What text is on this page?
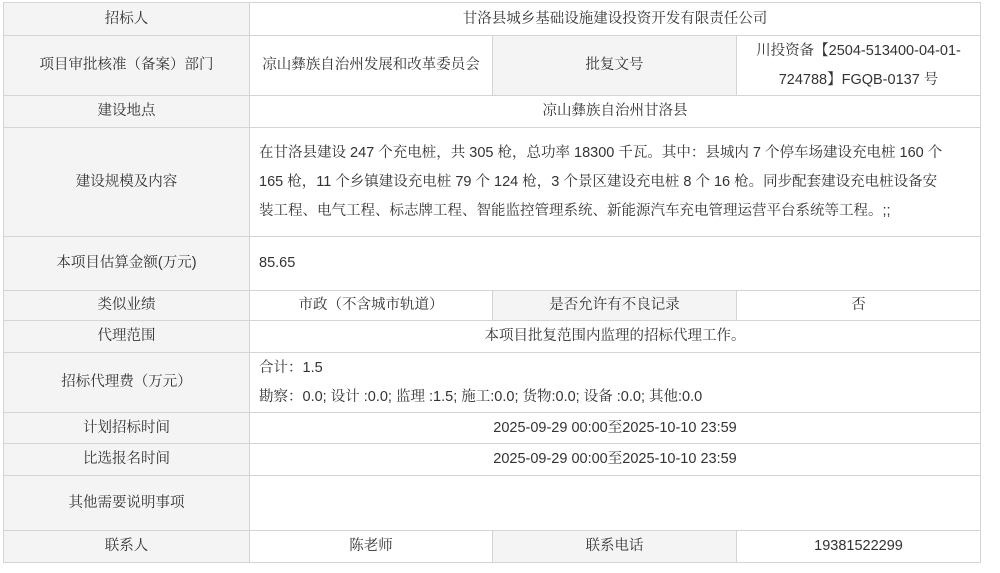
招标人	甘洛县城乡基础设施建设投资开发有限责任公司		
项目审批核准（备案）部门	凉山彝族自治州发展和改革委员会	批复文号	川投资备【2504-513400-04-01-
724788】FGQB-0137 号

建设地点	凉山彝族自治州甘洛县		
建设规模及内容	在甘洛县建设 247 个充电桩，共 305 枪，总功率 18300 千瓦。其中：县城内 7 个停车场建设充电桩 160 个
165 枪，11 个乡镇建设充电桩 79 个 124 枪，3 个景区建设充电桩 8 个 16 枪。同步配套建设充电桩设备安
装工程、电气工程、标志牌工程、智能监控管理系统、新能源汽车充电管理运营平台系统等工程。;;		

本项目估算金额(万元)	85.65		
类似业绩	市政（不含城市轨道）	是否允许有不良记录	否
代理范围	本项目批复范围内监理的招标代理工作。		
招标代理费（万元）	合计：1.5
勘察：0.0; 设计 :0.0; 监理 :1.5; 施工:0.0; 货物:0.0; 设备 :0.0; 其他:0.0		

计划招标时间	2025-09-29 00:00至2025-10-10 23:59		
比选报名时间	2025-09-29 00:00至2025-10-10 23:59		
其他需要说明事项			
联系人	陈老师	联系电话	19381522299
